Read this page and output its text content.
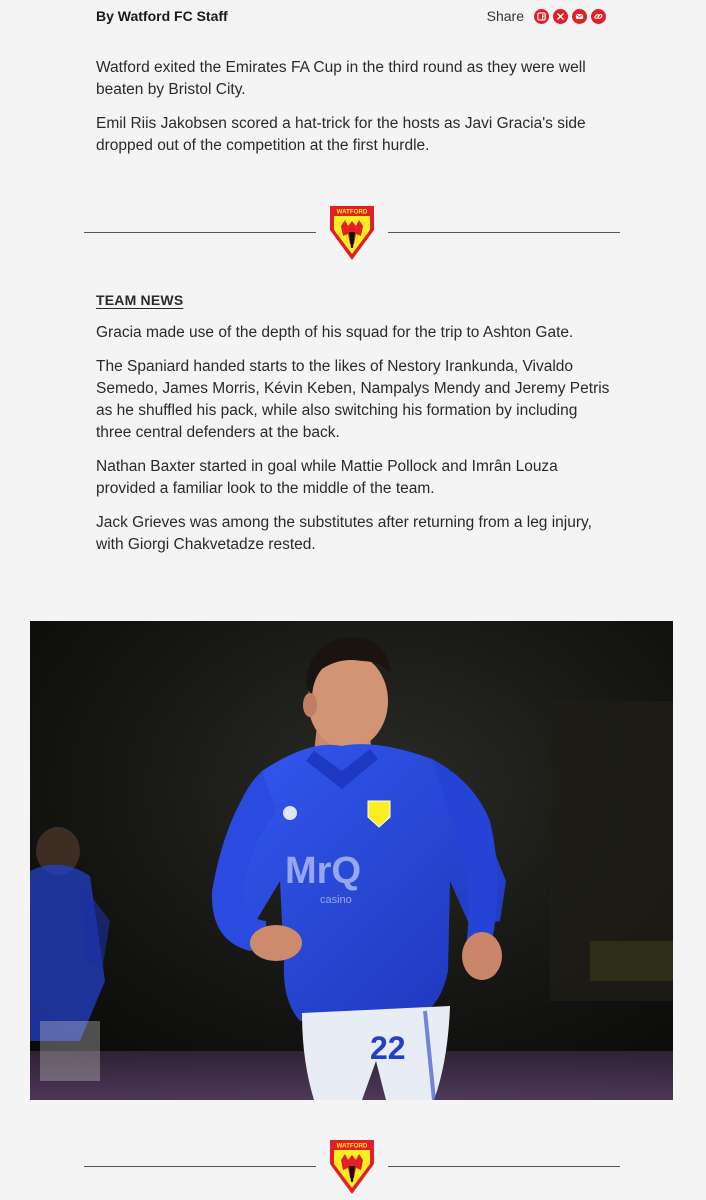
By Watford FC Staff	Share

Watford exited the Emirates FA Cup in the third round as they were well beaten by Bristol City.

Emil Riis Jakobsen scored a hat-trick for the hosts as Javi Gracia's side dropped out of the competition at the first hurdle.

WATFORD
TEAM NEWS

Gracia made use of the depth of his squad for the trip to Ashton Gate.

The Spaniard handed starts to the likes of Nestory Irankunda, Vivaldo Semedo, James Morris, Kévin Keben, Nampalys Mendy and Jeremy Petris as he shuffled his pack, while also switching his formation by including three central defenders at the back.

Nathan Baxter started in goal while Mattie Pollock and Imrân Louza provided a familiar look to the middle of the team.

Jack Grieves was among the substitutes after returning from a leg injury, with Giorgi Chakvetadze rested.

MrQ
casino
22
WATFORD
